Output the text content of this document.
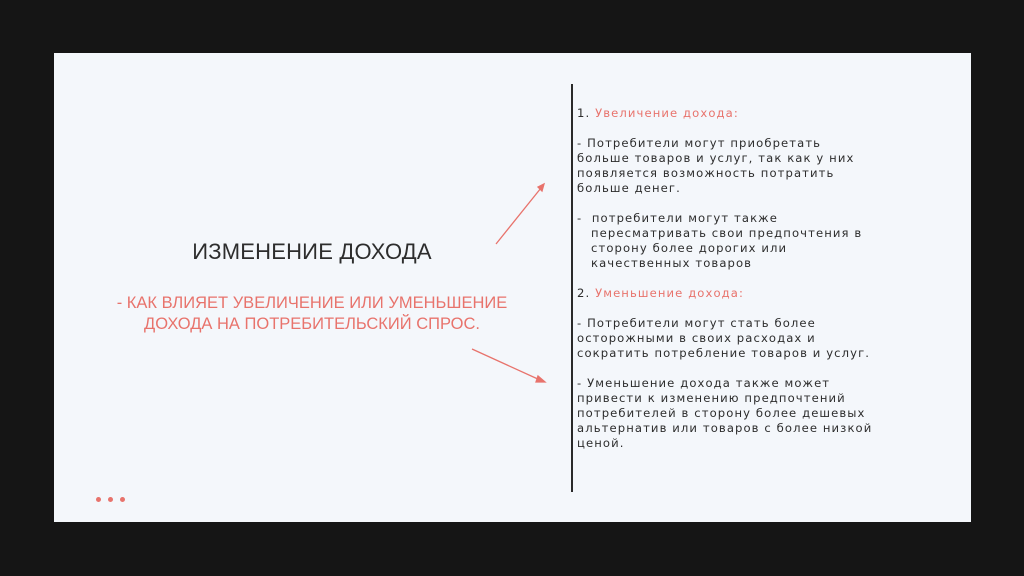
ИЗМЕНЕНИЕ ДОХОДА
- КАК ВЛИЯЕТ УВЕЛИЧЕНИЕ ИЛИ УМЕНЬШЕНИЕ
ДОХОДА НА ПОТРЕБИТЕЛЬСКИЙ СПРОС.
1. Увеличение дохода:
- Потребители могут приобретать
больше товаров и услуг, так как у них
появляется возможность потратить
больше денег.
- потребители могут также
пересматривать свои предпочтения в
сторону более дорогих или
качественных товаров
2. Уменьшение дохода:
- Потребители могут стать более
осторожными в своих расходах и
сократить потребление товаров и услуг.
- Уменьшение дохода также может
привести к изменению предпочтений
потребителей в сторону более дешевых
альтернатив или товаров с более низкой
ценой.
